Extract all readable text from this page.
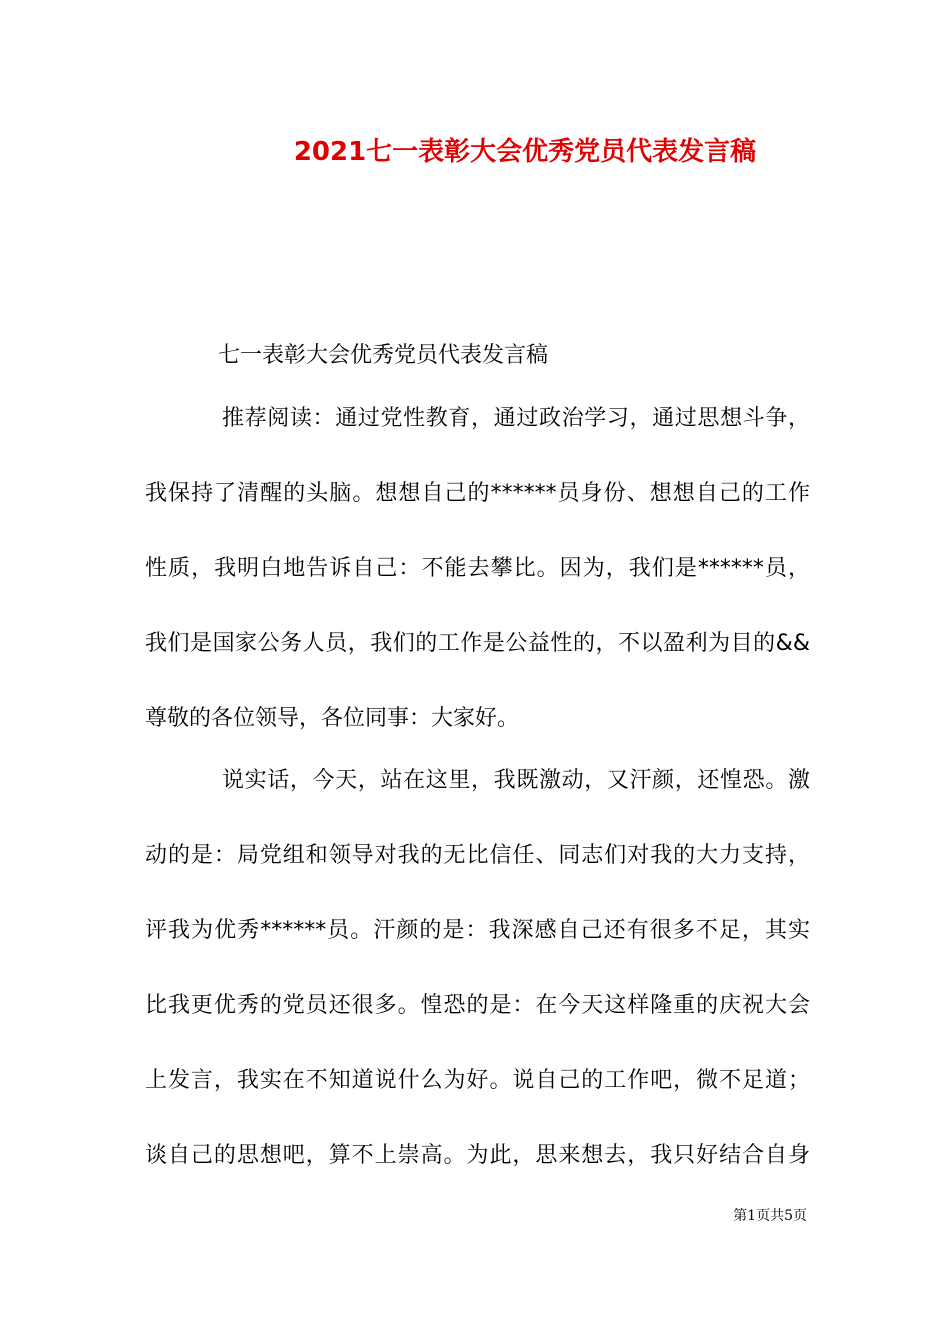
2021七一表彰大会优秀党员代表发言稿
七一表彰大会优秀党员代表发言稿
推荐阅读：通过党性教育，通过政治学习，通过思想斗争，
我保持了清醒的头脑。想想自己的******员身份、想想自己的工作
性质，我明白地告诉自己：不能去攀比。因为，我们是******员，
我们是国家公务人员，我们的工作是公益性的，不以盈利为目的&&
尊敬的各位领导，各位同事：大家好。
说实话，今天，站在这里，我既激动，又汗颜，还惶恐。激
动的是：局党组和领导对我的无比信任、同志们对我的大力支持，
评我为优秀******员。汗颜的是：我深感自己还有很多不足，其实
比我更优秀的党员还很多。惶恐的是：在今天这样隆重的庆祝大会
上发言，我实在不知道说什么为好。说自己的工作吧，微不足道；
谈自己的思想吧，算不上崇高。为此，思来想去，我只好结合自身
第1页共5页
